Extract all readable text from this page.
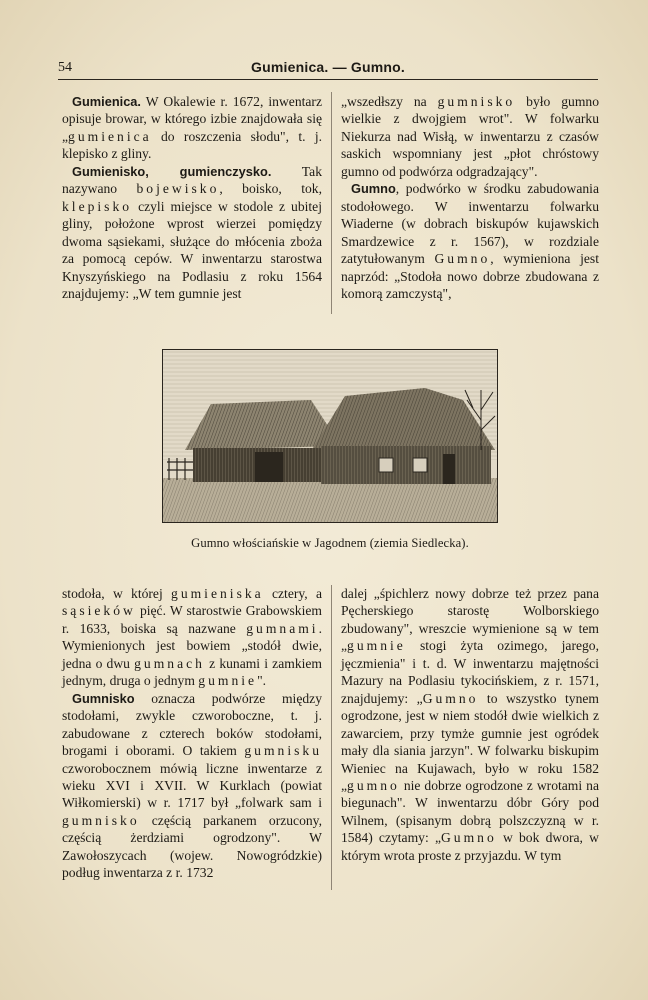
54	Gumienica. — Gumno.

Gumienica. W Okalewie r. 1672, inwentarz opisuje browar, w którego izbie znajdowała się „gumienica do roszczenia słodu", t. j. klepisko z gliny.

Gumienisko, gumienczysko. Tak nazywano bojewisko, boisko, tok, klepisko czyli miejsce w stodole z ubitej gliny, położone wprost wierzei pomiędzy dwoma sąsiekami, służące do młócenia zboża za pomocą cepów. W inwentarzu starostwa Knyszyńskiego na Podlasiu z roku 1564 znajdujemy: „W tem gumnie jest

„wszedłszy na gumnisko było gumno wielkie z dwojgiem wrot". W folwarku Niekurza nad Wisłą, w inwentarzu z czasów saskich wspomniany jest „płot chróstowy gumno od podwórza odgradzający".

Gumno, podwórko w środku zabudowania stodołowego. W inwentarzu folwarku Wiaderne (w dobrach biskupów kujawskich Smardzewice z r. 1567), w rozdziale zatytułowanym Gumno, wymieniona jest naprzód: „Stodoła nowo dobrze zbudowana z komorą zamczystą",

Gumno włościańskie w Jagodnem (ziemia Siedlecka).

stodoła, w której gumieniska cztery, a sąsieków pięć. W starostwie Grabowskiem r. 1633, boiska są nazwane gumnami. Wymienionych jest bowiem „stodół dwie, jedna o dwu gumnach z kunami i zamkiem jednym, druga o jednym gumnie".

Gumnisko oznacza podwórze między stodołami, zwykle czworoboczne, t. j. zabudowane z czterech boków stodołami, brogami i oborami. O takiem gumnisku czworobocznem mówią liczne inwentarze z wieku XVI i XVII. W Kurklach (powiat Wiłkomierski) w r. 1717 był „folwark sam i gumnisko częścią parkanem orzucony, częścią żerdziami ogrodzony". W Zawołoszycach (wojew. Nowogródzkie) podług inwentarza z r. 1732

dalej „śpichlerz nowy dobrze też przez pana Pęcherskiego starostę Wolborskiego zbudowany", wreszcie wymienione są w tem „gumnie stogi żyta ozimego, jarego, jęczmienia" i t. d. W inwentarzu majętności Mazury na Podlasiu tykocińskiem, z r. 1571, znajdujemy: „Gumno to wszystko tynem ogrodzone, jest w niem stodół dwie wielkich z zawarciem, przy tymże gumnie jest ogródek mały dla siania jarzyn". W folwarku biskupim Wieniec na Kujawach, było w roku 1582 „gumno nie dobrze ogrodzone z wrotami na biegunach". W inwentarzu dóbr Góry pod Wilnem, (spisanym dobrą polszczyzną w r. 1584) czytamy: „Gumno w bok dwora, w którym wrota proste z przyjazdu. W tym
